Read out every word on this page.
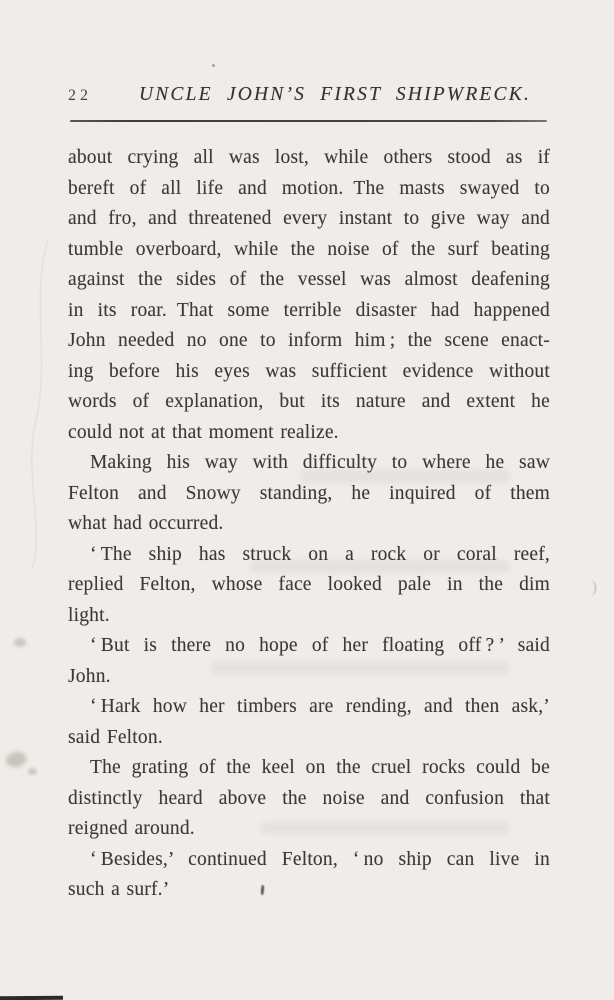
22	UNCLE JOHN’S FIRST SHIPWRECK.
about crying all was lost, while others stood as if
bereft of all life and motion. The masts swayed to
and fro, and threatened every instant to give way and
tumble overboard, while the noise of the surf beating
against the sides of the vessel was almost deafening
in its roar. That some terrible disaster had happened
John needed no one to inform him ; the scene enact-
ing before his eyes was sufficient evidence without
words of explanation, but its nature and extent he
could not at that moment realize.
Making his way with difficulty to where he saw
Felton and Snowy standing, he inquired of them
what had occurred.
‘ The ship has struck on a rock or coral reef,
replied Felton, whose face looked pale in the dim
light.
‘ But is there no hope of her floating off ? ’ said
John.
‘ Hark how her timbers are rending, and then ask,’
said Felton.
The grating of the keel on the cruel rocks could be
distinctly heard above the noise and confusion that
reigned around.
‘ Besides,’ continued Felton, ‘ no ship can live in
such a surf.’
